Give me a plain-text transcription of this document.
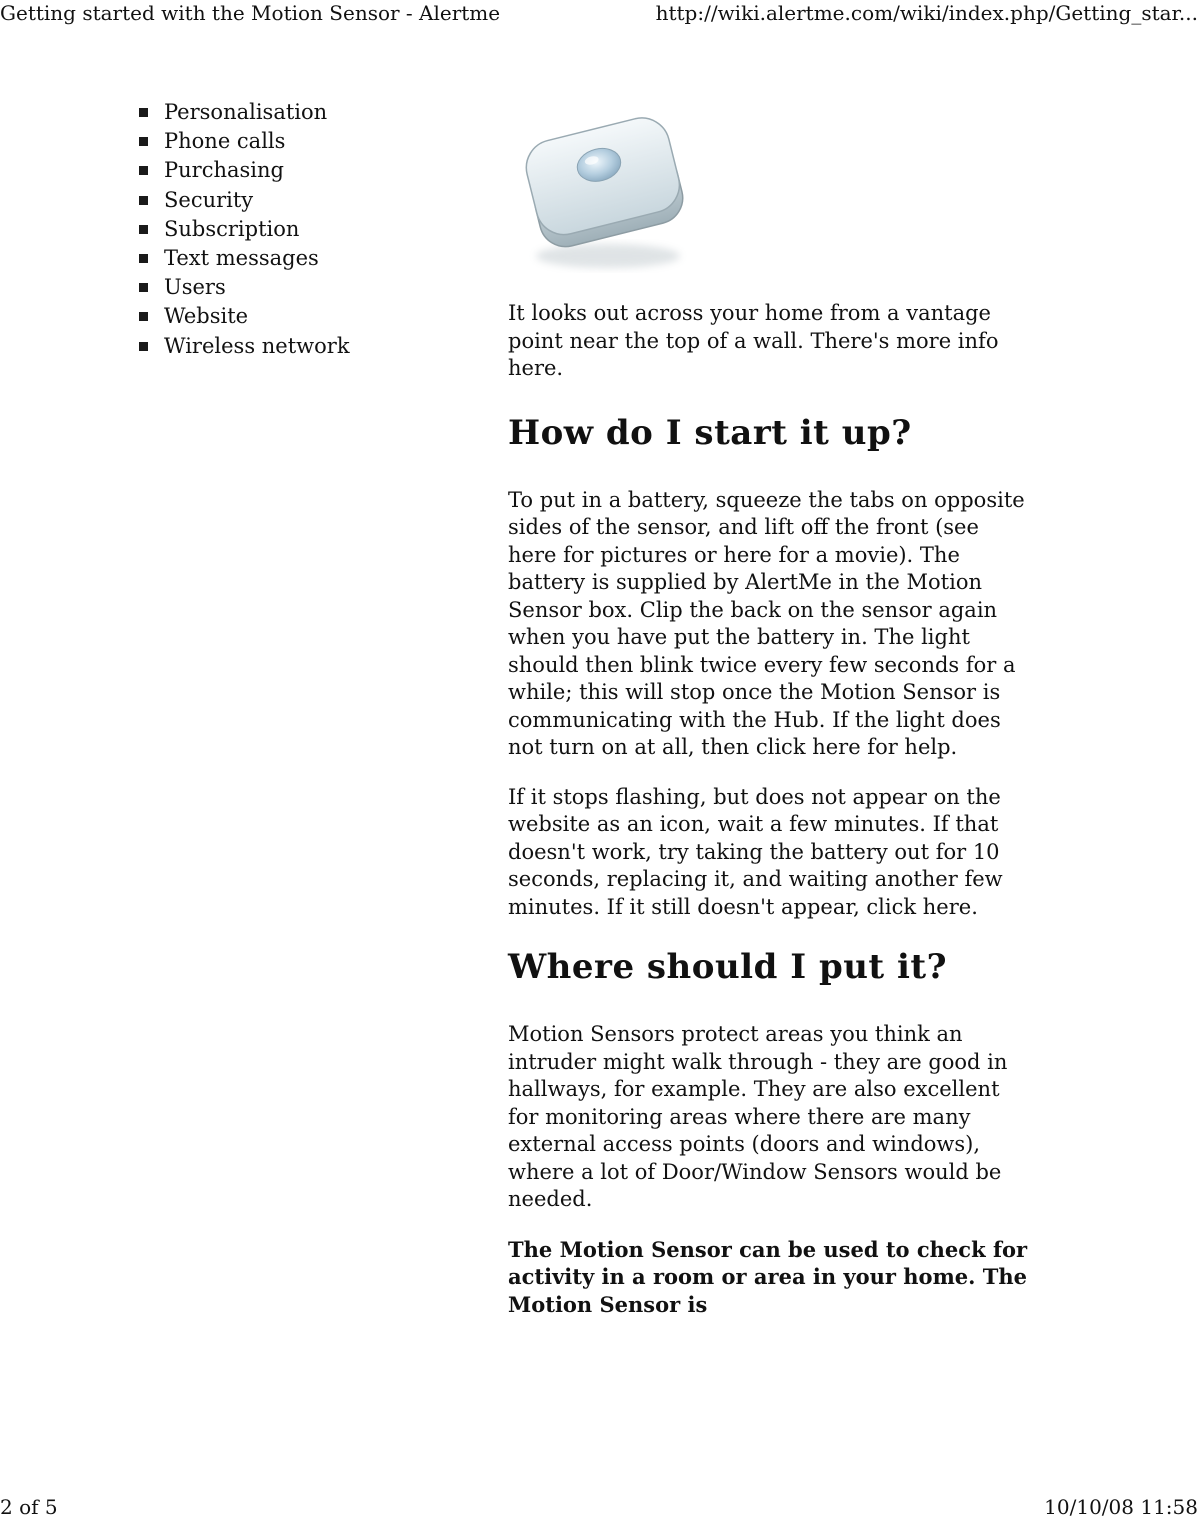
Getting started with the Motion Sensor - Alertme	http://wiki.alertme.com/wiki/index.php/Getting_star...
Personalisation
Phone calls
Purchasing
Security
Subscription
Text messages
Users
Website
Wireless network

It looks out across your home from a vantage point near the top of a wall. There's more info here.

How do I start it up?

To put in a battery, squeeze the tabs on opposite sides of the sensor, and lift off the front (see here for pictures or here for a movie). The battery is supplied by AlertMe in the Motion Sensor box. Clip the back on the sensor again when you have put the battery in. The light should then blink twice every few seconds for a while; this will stop once the Motion Sensor is communicating with the Hub. If the light does not turn on at all, then click here for help.

If it stops flashing, but does not appear on the website as an icon, wait a few minutes. If that doesn't work, try taking the battery out for 10 seconds, replacing it, and waiting another few minutes. If it still doesn't appear, click here.

Where should I put it?

Motion Sensors protect areas you think an intruder might walk through - they are good in hallways, for example. They are also excellent for monitoring areas where there are many external access points (doors and windows), where a lot of Door/Window Sensors would be needed.

The Motion Sensor can be used to check for activity in a room or area in your home. The Motion Sensor is

2 of 5	10/10/08 11:58
